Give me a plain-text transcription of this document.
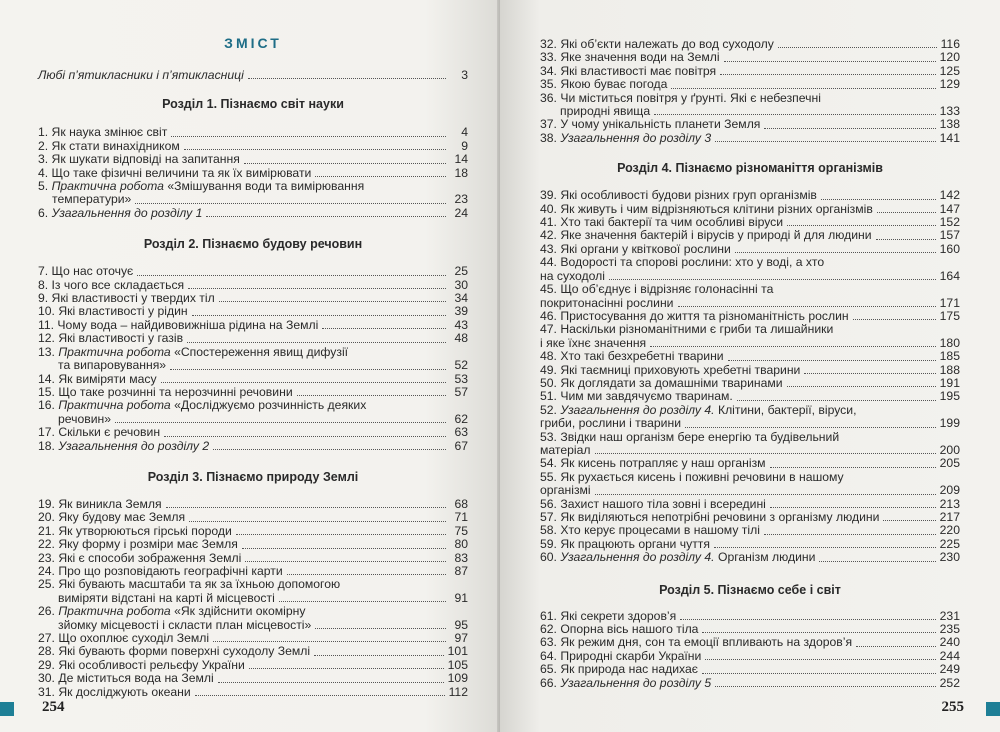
ЗМІСТ
Любі п’ятикласники і п’ятикласниці	3
Розділ 1. Пізнаємо світ науки
1. Як наука змінює світ	4
2. Як стати винахідником	9
3. Як шукати відповіді на запитання	14
4. Що таке фізичні величини та як їх вимірювати	18
5. Практична робота «Змішування води та вимірювання
температури»	23
6. Узагальнення до розділу 1	24
Розділ 2. Пізнаємо будову речовин
7. Що нас оточує	25
8. Із чого все складається	30
9. Які властивості у твердих тіл	34
10. Які властивості у рідин	39
11. Чому вода – найдивовижніша рідина на Землі	43
12. Які властивості у газів	48
13. Практична робота «Спостереження явищ дифузії
та випаровування»	52
14. Як виміряти масу	53
15. Що таке розчинні та нерозчинні речовини	57
16. Практична робота «Досліджуємо розчинність деяких
речовин»	62
17. Скільки є речовин	63
18. Узагальнення до розділу 2	67
Розділ 3. Пізнаємо природу Землі
19. Як виникла Земля	68
20. Яку будову має Земля	71
21. Як утворюються гірські породи	75
22. Яку форму і розміри має Земля	80
23. Які є способи зображення Землі	83
24. Про що розповідають географічні карти	87
25. Які бувають масштаби та як за їхньою допомогою
виміряти відстані на карті й місцевості	91
26. Практична робота «Як здійснити окомірну
зйомку місцевості і скласти план місцевості»	95
27. Що охоплює суходіл Землі	97
28. Які бувають форми поверхні суходолу Землі	101
29. Які особливості рельєфу України	105
30. Де міститься вода на Землі	109
31. Як досліджують океани	112
254
32. Які об’єкти належать до вод суходолу	116
33. Яке значення води на Землі	120
34. Які властивості має повітря	125
35. Якою буває погода	129
36. Чи міститься повітря у ґрунті. Які є небезпечні
природні явища	133
37. У чому унікальність планети Земля	138
38. Узагальнення до розділу 3	141
Розділ 4. Пізнаємо різноманіття організмів
39. Які особливості будови різних груп організмів	142
40. Як живуть і чим відрізняються клітини різних організмів	147
41. Хто такі бактерії та чим особливі віруси	152
42. Яке значення бактерій і вірусів у природі й для людини	157
43. Які органи у квіткової рослини	160
44. Водорості та спорові рослини: хто у воді, а хто
на суходолі	164
45. Що об’єднує і відрізняє голонасінні та
покритонасінні рослини	171
46. Пристосування до життя та різноманітність рослин	175
47. Наскільки різноманітними є гриби та лишайники
і яке їхнє значення	180
48. Хто такі безхребетні тварини	185
49. Які таємниці приховують хребетні тварини	188
50. Як доглядати за домашніми тваринами	191
51. Чим ми завдячуємо тваринам.	195
52. Узагальнення до розділу 4. Клітини, бактерії, віруси,
гриби, рослини і тварини	199
53. Звідки наш організм бере енергію та будівельний
матеріал	200
54. Як кисень потрапляє у наш організм	205
55. Як рухається кисень і поживні речовини в нашому
організмі	209
56. Захист нашого тіла зовні і всередині	213
57. Як виділяються непотрібні речовини з організму людини	217
58. Хто керує процесами в нашому тілі	220
59. Як працюють органи чуття	225
60. Узагальнення до розділу 4. Організм людини	230
Розділ 5. Пізнаємо себе і світ
61. Які секрети здоров’я	231
62. Опорна вісь нашого тіла	235
63. Як режим дня, сон та емоції впливають на здоров’я	240
64. Природні скарби України	244
65. Як природа нас надихає	249
66. Узагальнення до розділу 5	252
255
